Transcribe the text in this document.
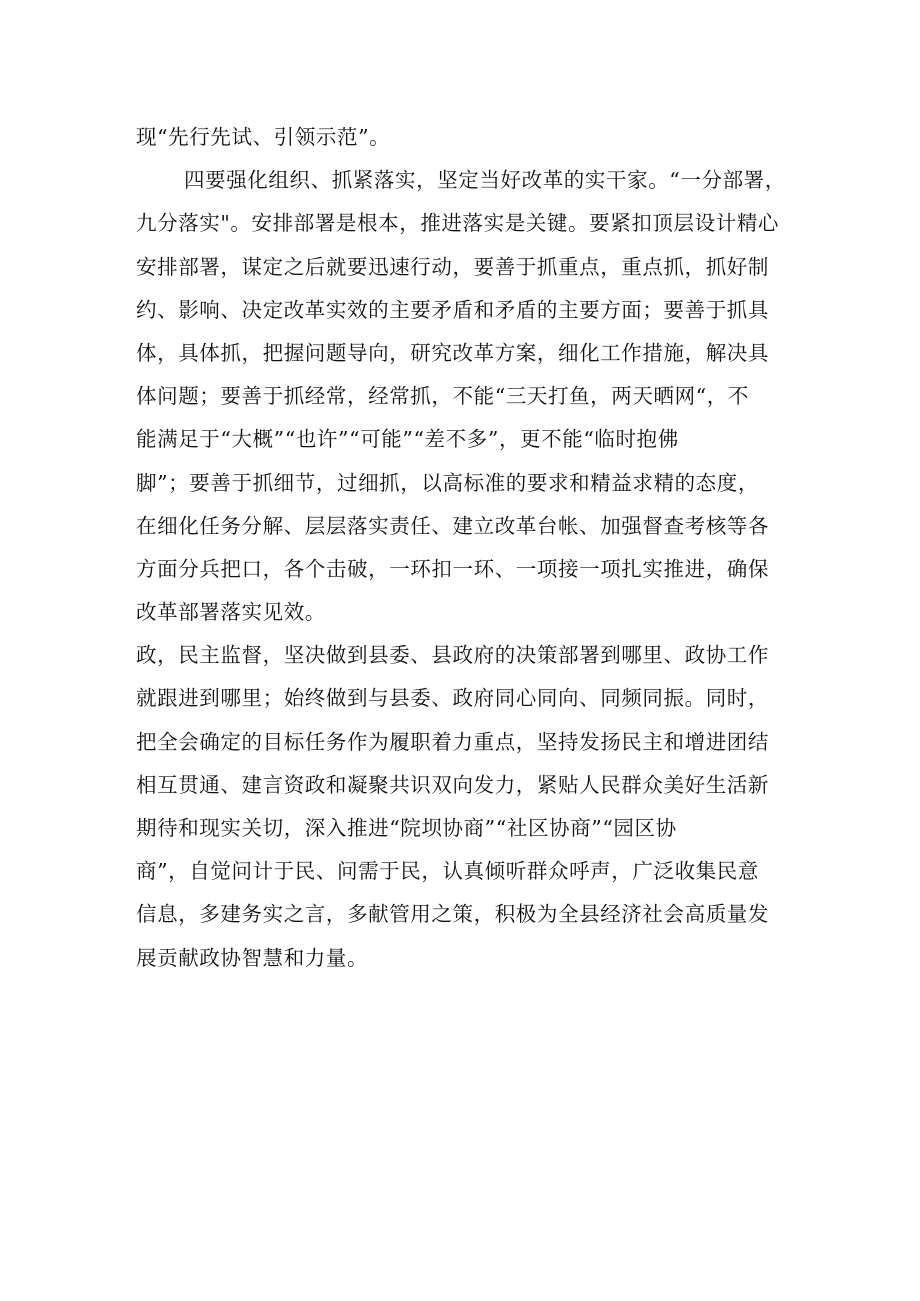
现“先行先试、引领示范”。
四要强化组织、抓紧落实，坚定当好改革的实干家。“一分部署，
九分落实"。安排部署是根本，推进落实是关键。要紧扣顶层设计精心
安排部署，谋定之后就要迅速行动，要善于抓重点，重点抓，抓好制
约、影响、决定改革实效的主要矛盾和矛盾的主要方面；要善于抓具
体，具体抓，把握问题导向，研究改革方案，细化工作措施，解决具
体问题；要善于抓经常，经常抓，不能“三天打鱼，两天晒网“，不
能满足于“大概”“也许”“可能”“差不多”，更不能“临时抱佛
脚”；要善于抓细节，过细抓，以高标准的要求和精益求精的态度，
在细化任务分解、层层落实责任、建立改革台帐、加强督查考核等各
方面分兵把口，各个击破，一环扣一环、一项接一项扎实推进，确保
改革部署落实见效。
政，民主监督，坚决做到县委、县政府的决策部署到哪里、政协工作
就跟进到哪里；始终做到与县委、政府同心同向、同频同振。同时，
把全会确定的目标任务作为履职着力重点，坚持发扬民主和增进团结
相互贯通、建言资政和凝聚共识双向发力，紧贴人民群众美好生活新
期待和现实关切，深入推进“院坝协商”“社区协商”“园区协
商”，自觉问计于民、问需于民，认真倾听群众呼声，广泛收集民意
信息，多建务实之言，多献管用之策，积极为全县经济社会高质量发
展贡献政协智慧和力量。
